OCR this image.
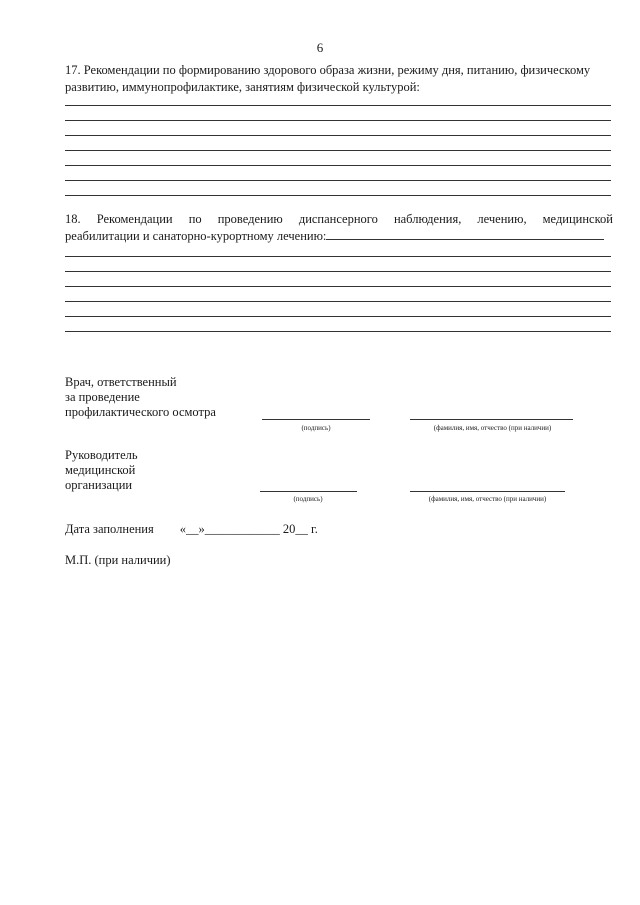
6
17. Рекомендации по формированию здорового образа жизни, режиму дня, питанию, физическому развитию, иммунопрофилактике, занятиям физической культурой:
18. Рекомендации по проведению диспансерного наблюдения, лечению, медицинской
реабилитации и санаторно-курортному лечению:
Врач, ответственный
за проведение
профилактического осмотра
(подпись)	(фамилия, имя, отчество (при наличии)
Руководитель
медицинской
организации
(подпись)	(фамилия, имя, отчество (при наличии)
Дата заполнения «__»____________ 20__ г.
М.П. (при наличии)
